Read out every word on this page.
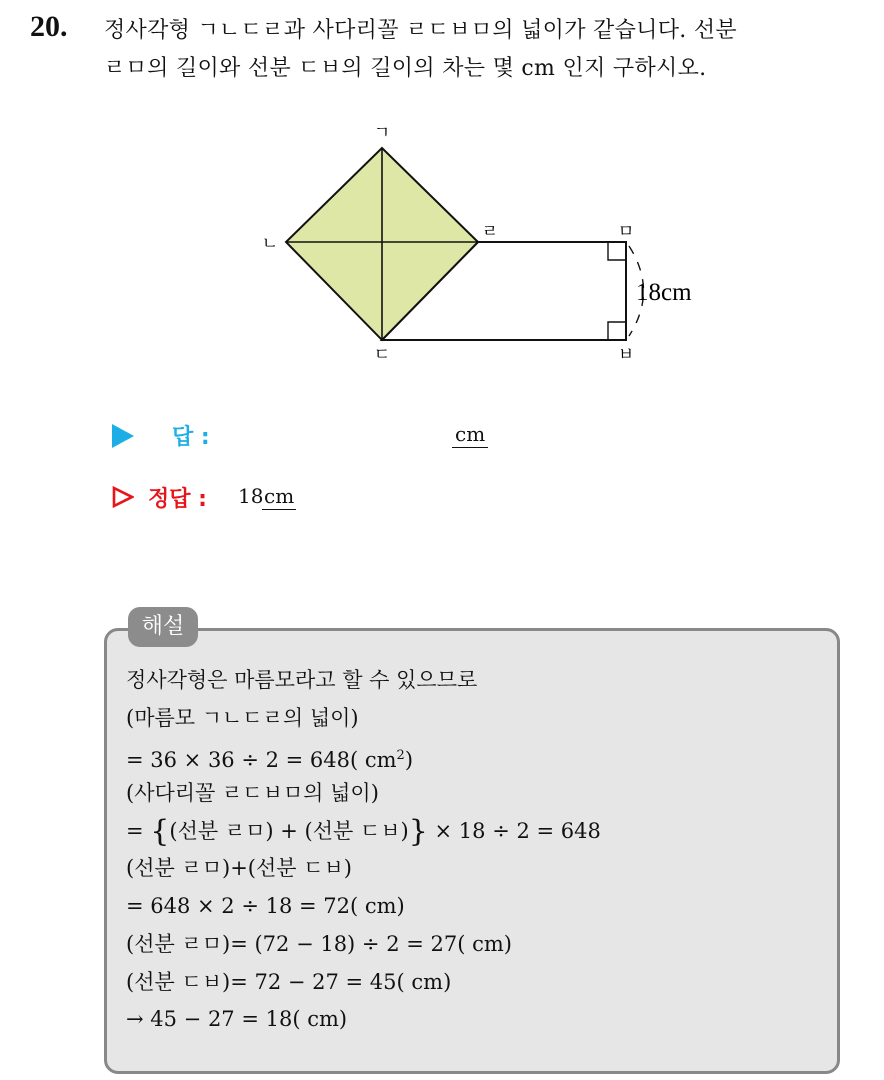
20. 정사각형 ㄱㄴㄷㄹ과 사다리꼴 ㄹㄷㅂㅁ의 넓이가 같습니다. 선분
ㄹㅁ의 길이와 선분 ㄷㅂ의 길이의 차는 몇 cm 인지 구하시오.
ㄱ
ㄴ
ㄷ
ㄹ	ㅁ
ㅂ
18cm
답 :	cm
정답 : 18 cm
해설
정사각형은 마름모라고 할 수 있으므로
(마름모 ㄱㄴㄷㄹ의 넓이)
= 36 × 36 ÷ 2 = 648( $cm^2$)
(사다리꼴 ㄹㄷㅂㅁ의 넓이)
= {(선분 ㄹㅁ) + (선분 ㄷㅂ)} × 18 ÷ 2 = 648
(선분 ㄹㅁ)+(선분 ㄷㅂ)
= 648 × 2 ÷ 18 = 72( cm)
(선분 ㄹㅁ)= (72 − 18) ÷ 2 = 27( cm)
(선분 ㄷㅂ)= 72 − 27 = 45( cm)
→ 45 − 27 = 18( cm)
